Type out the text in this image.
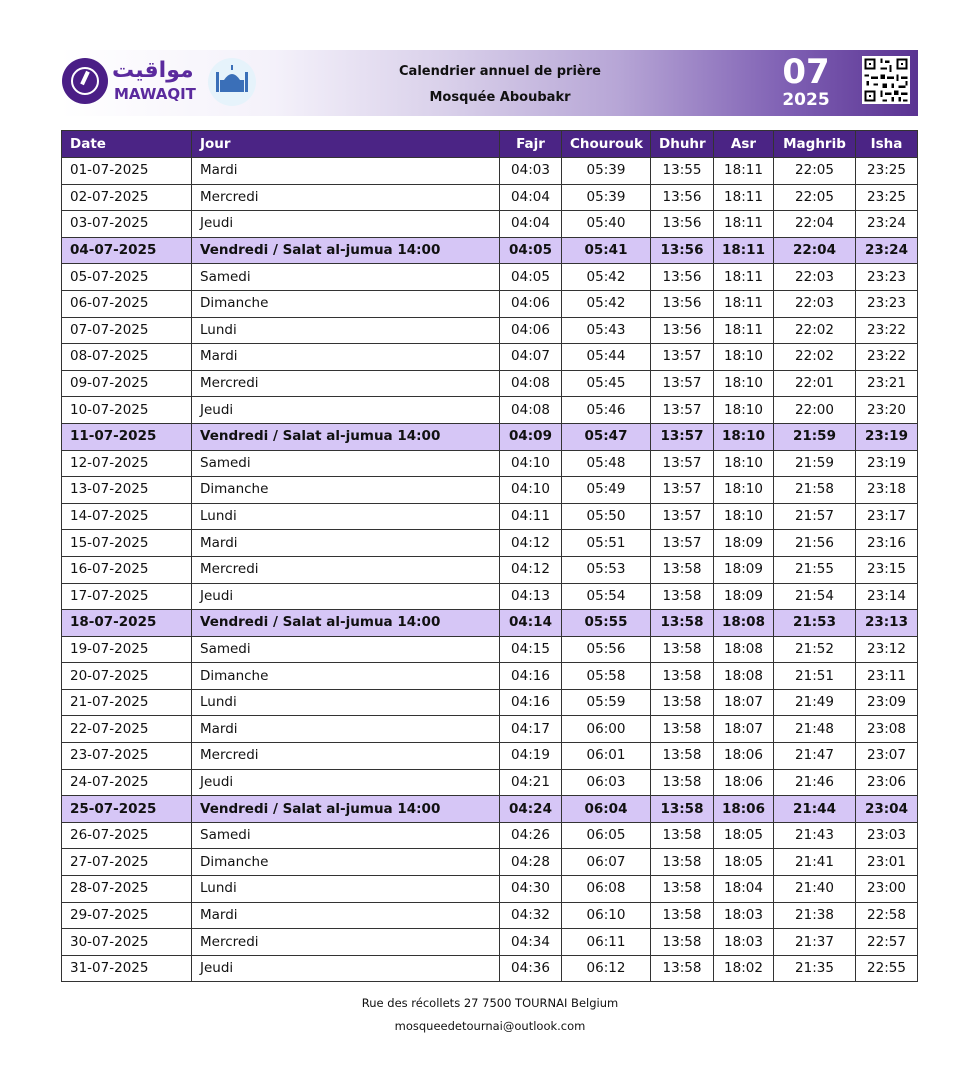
مواقيت
MAWAQIT
Calendrier annuel de prière
Mosquée Aboubakr
07
2025
Date	Jour	Fajr	Chourouk	Dhuhr	Asr	Maghrib	Isha
01-07-2025	Mardi	04:03	05:39	13:55	18:11	22:05	23:25
02-07-2025	Mercredi	04:04	05:39	13:56	18:11	22:05	23:25
03-07-2025	Jeudi	04:04	05:40	13:56	18:11	22:04	23:24
04-07-2025	Vendredi / Salat al-jumua 14:00	04:05	05:41	13:56	18:11	22:04	23:24
05-07-2025	Samedi	04:05	05:42	13:56	18:11	22:03	23:23
06-07-2025	Dimanche	04:06	05:42	13:56	18:11	22:03	23:23
07-07-2025	Lundi	04:06	05:43	13:56	18:11	22:02	23:22
08-07-2025	Mardi	04:07	05:44	13:57	18:10	22:02	23:22
09-07-2025	Mercredi	04:08	05:45	13:57	18:10	22:01	23:21
10-07-2025	Jeudi	04:08	05:46	13:57	18:10	22:00	23:20
11-07-2025	Vendredi / Salat al-jumua 14:00	04:09	05:47	13:57	18:10	21:59	23:19
12-07-2025	Samedi	04:10	05:48	13:57	18:10	21:59	23:19
13-07-2025	Dimanche	04:10	05:49	13:57	18:10	21:58	23:18
14-07-2025	Lundi	04:11	05:50	13:57	18:10	21:57	23:17
15-07-2025	Mardi	04:12	05:51	13:57	18:09	21:56	23:16
16-07-2025	Mercredi	04:12	05:53	13:58	18:09	21:55	23:15
17-07-2025	Jeudi	04:13	05:54	13:58	18:09	21:54	23:14
18-07-2025	Vendredi / Salat al-jumua 14:00	04:14	05:55	13:58	18:08	21:53	23:13
19-07-2025	Samedi	04:15	05:56	13:58	18:08	21:52	23:12
20-07-2025	Dimanche	04:16	05:58	13:58	18:08	21:51	23:11
21-07-2025	Lundi	04:16	05:59	13:58	18:07	21:49	23:09
22-07-2025	Mardi	04:17	06:00	13:58	18:07	21:48	23:08
23-07-2025	Mercredi	04:19	06:01	13:58	18:06	21:47	23:07
24-07-2025	Jeudi	04:21	06:03	13:58	18:06	21:46	23:06
25-07-2025	Vendredi / Salat al-jumua 14:00	04:24	06:04	13:58	18:06	21:44	23:04
26-07-2025	Samedi	04:26	06:05	13:58	18:05	21:43	23:03
27-07-2025	Dimanche	04:28	06:07	13:58	18:05	21:41	23:01
28-07-2025	Lundi	04:30	06:08	13:58	18:04	21:40	23:00
29-07-2025	Mardi	04:32	06:10	13:58	18:03	21:38	22:58
30-07-2025	Mercredi	04:34	06:11	13:58	18:03	21:37	22:57
31-07-2025	Jeudi	04:36	06:12	13:58	18:02	21:35	22:55
Rue des récollets 27 7500 TOURNAI Belgium
mosqueedetournai@outlook.com
